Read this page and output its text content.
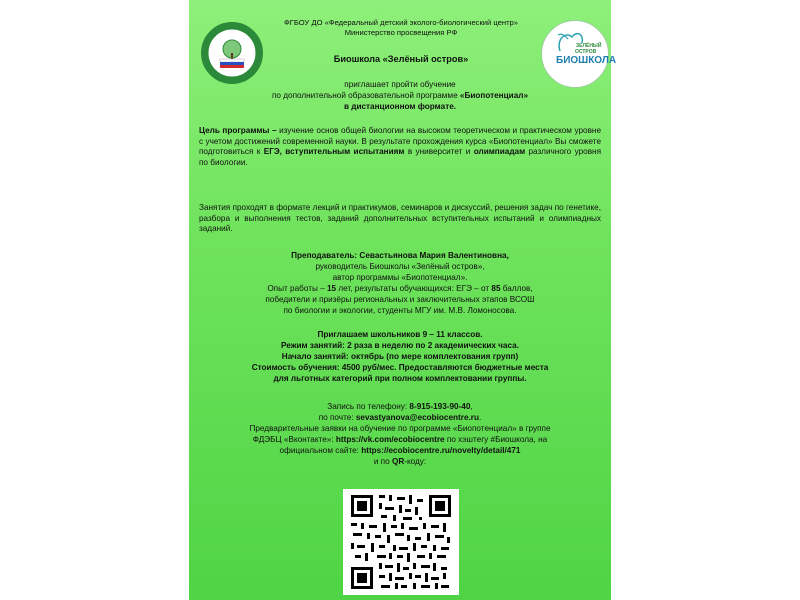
ФГБОУ ДО «Федеральный детский эколого-биологический центр»
Министерство просвещения РФ
ЗЕЛЁНЫЙ
ОСТРОВ
БИОШКОЛА
Биошкола «Зелёный остров»
приглашает пройти обучение
по дополнительной образовательной программе «Биопотенциал»
в дистанционном формате.
Цель программы – изучение основ общей биологии на высоком теоретическом и практическом уровне с учетом достижений современной науки. В результате прохождения курса «Биопотенциал» Вы сможете подготовиться к ЕГЭ, вступительным испытаниям в университет и олимпиадам различного уровня по биологии.
Занятия проходят в формате лекций и практикумов, семинаров и дискуссий, решения задач по генетике, разбора и выполнения тестов, заданий дополнительных вступительных испытаний и олимпиадных заданий.
Преподаватель: Севастьянова Мария Валентиновна,
руководитель Биошколы «Зелёный остров»,
автор программы «Биопотенциал».
Опыт работы – 15 лет, результаты обучающихся: ЕГЭ – от 85 баллов,
победители и призёры региональных и заключительных этапов ВСОШ
по биологии и экологии, студенты МГУ им. М.В. Ломоносова.
Приглашаем школьников 9 – 11 классов.
Режим занятий: 2 раза в неделю по 2 академических часа.
Начало занятий: октябрь (по мере комплектования групп)
Стоимость обучения: 4500 руб/мес. Предоставляются бюджетные места
для льготных категорий при полном комплектовании группы.
Запись по телефону: 8-915-193-90-40,
по почте: sevastyanova@ecobiocentre.ru.
Предварительные заявки на обучение по программе «Биопотенциал» в группе
ФДЭБЦ «Вконтакте»: https://vk.com/ecobiocentre по хэштегу #Биошкола, на
официальном сайте: https://ecobiocentre.ru/novelty/detail/471
и по QR-коду:
